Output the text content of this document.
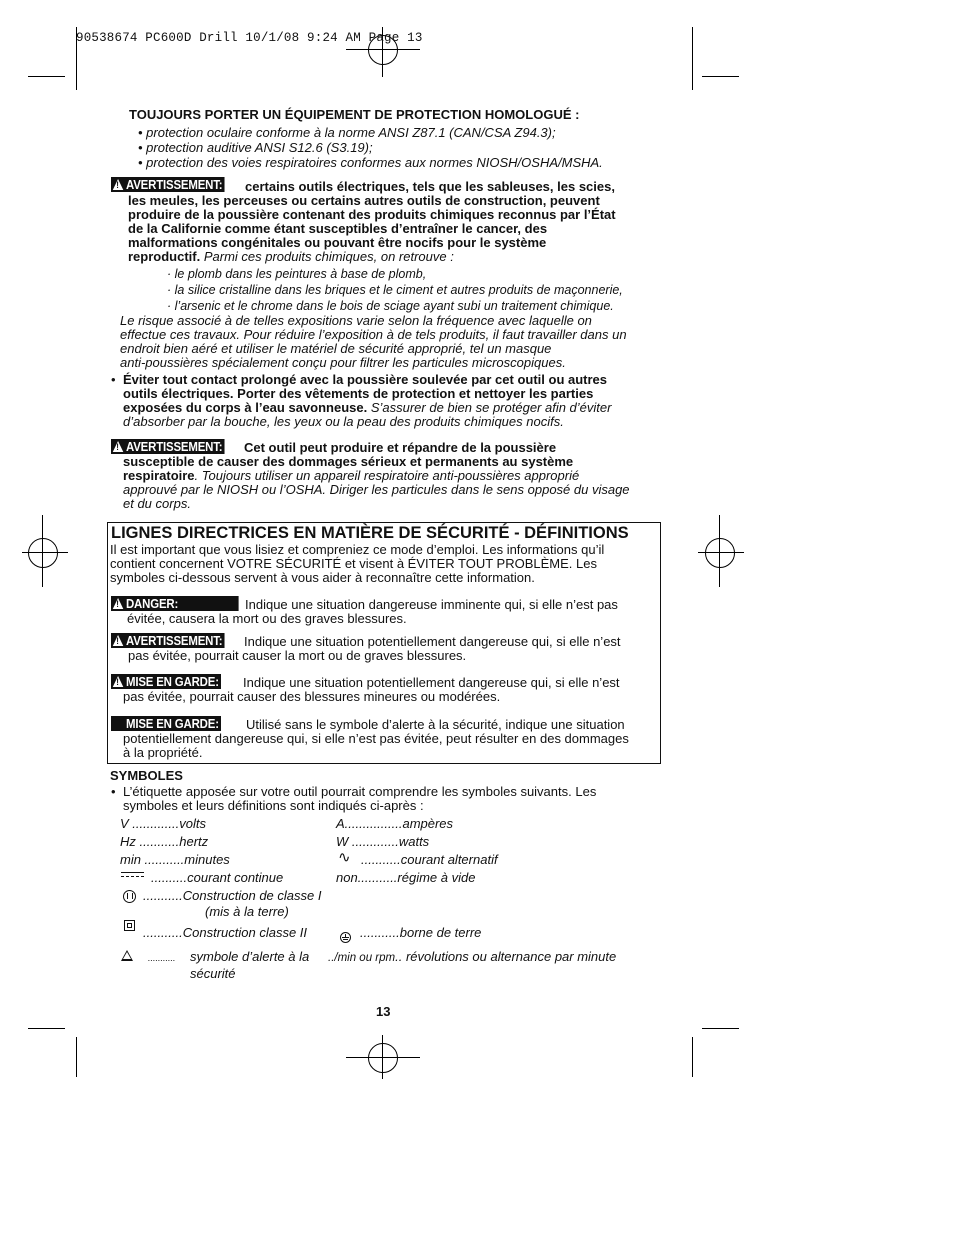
90538674 PC600D Drill 10/1/08 9:24 AM Page 13
TOUJOURS PORTER UN ÉQUIPEMENT DE PROTECTION HOMOLOGUÉ :
• protection oculaire conforme à la norme ANSI Z87.1 (CAN/CSA Z94.3);
• protection auditive ANSI S12.6 (S3.19);
• protection des voies respiratoires conformes aux normes NIOSH/OSHA/MSHA.
!AVERTISSEMENT: certains outils électriques, tels que les sableuses, les scies,
les meules, les perceuses ou certains autres outils de construction, peuvent
produire de la poussière contenant des produits chimiques reconnus par l’État
de la Californie comme étant susceptibles d’entraîner le cancer, des
malformations congénitales ou pouvant être nocifs pour le système
reproductif. Parmi ces produits chimiques, on retrouve :
· le plomb dans les peintures à base de plomb,
· la silice cristalline dans les briques et le ciment et autres produits de maçonnerie,
· l’arsenic et le chrome dans le bois de sciage ayant subi un traitement chimique.
Le risque associé à de telles expositions varie selon la fréquence avec laquelle on
effectue ces travaux. Pour réduire l’exposition à de tels produits, il faut travailler dans un
endroit bien aéré et utiliser le matériel de sécurité approprié, tel un masque
anti-poussières spécialement conçu pour filtrer les particules microscopiques.
• Éviter tout contact prolongé avec la poussière soulevée par cet outil ou autres
outils électriques. Porter des vêtements de protection et nettoyer les parties
exposées du corps à l’eau savonneuse. S’assurer de bien se protéger afin d’éviter
d’absorber par la bouche, les yeux ou la peau des produits chimiques nocifs.
!AVERTISSEMENT: Cet outil peut produire et répandre de la poussière
susceptible de causer des dommages sérieux et permanents au système
respiratoire. Toujours utiliser un appareil respiratoire anti-poussières approprié
approuvé par le NIOSH ou l’OSHA. Diriger les particules dans le sens opposé du visage
et du corps.
LIGNES DIRECTRICES EN MATIÈRE DE SÉCURITÉ - DÉFINITIONS
Il est important que vous lisiez et compreniez ce mode d’emploi. Les informations qu’il
contient concernent VOTRE SÉCURITÉ et visent à ÉVITER TOUT PROBLÈME. Les
symboles ci-dessous servent à vous aider à reconnaître cette information.
!DANGER:	Indique une situation dangereuse imminente qui, si elle n’est pas
évitée, causera la mort ou des graves blessures.
!AVERTISSEMENT: Indique une situation potentiellement dangereuse qui, si elle n’est
pas évitée, pourrait causer la mort ou de graves blessures.
!MISE EN GARDE: Indique une situation potentiellement dangereuse qui, si elle n’est
pas évitée, pourrait causer des blessures mineures ou modérées.
MISE EN GARDE: Utilisé sans le symbole d’alerte à la sécurité, indique une situation
potentiellement dangereuse qui, si elle n’est pas évitée, peut résulter en des dommages
à la propriété.
SYMBOLES
• L’étiquette apposée sur votre outil pourrait comprendre les symboles suivants. Les
symboles et leurs définitions sont indiqués ci-après :
V .............volts
Hz ...........hertz
min ...........minutes
..........courant continue
...........Construction de classe I
(mis à la terre)
...........Construction classe II
........... symbole d’alerte à la
sécurité
A................ampères
W .............watts
∿ ...........courant alternatif
non...........régime à vide
...........borne de terre
../min ou rpm.. révolutions ou alternance par minute
13
